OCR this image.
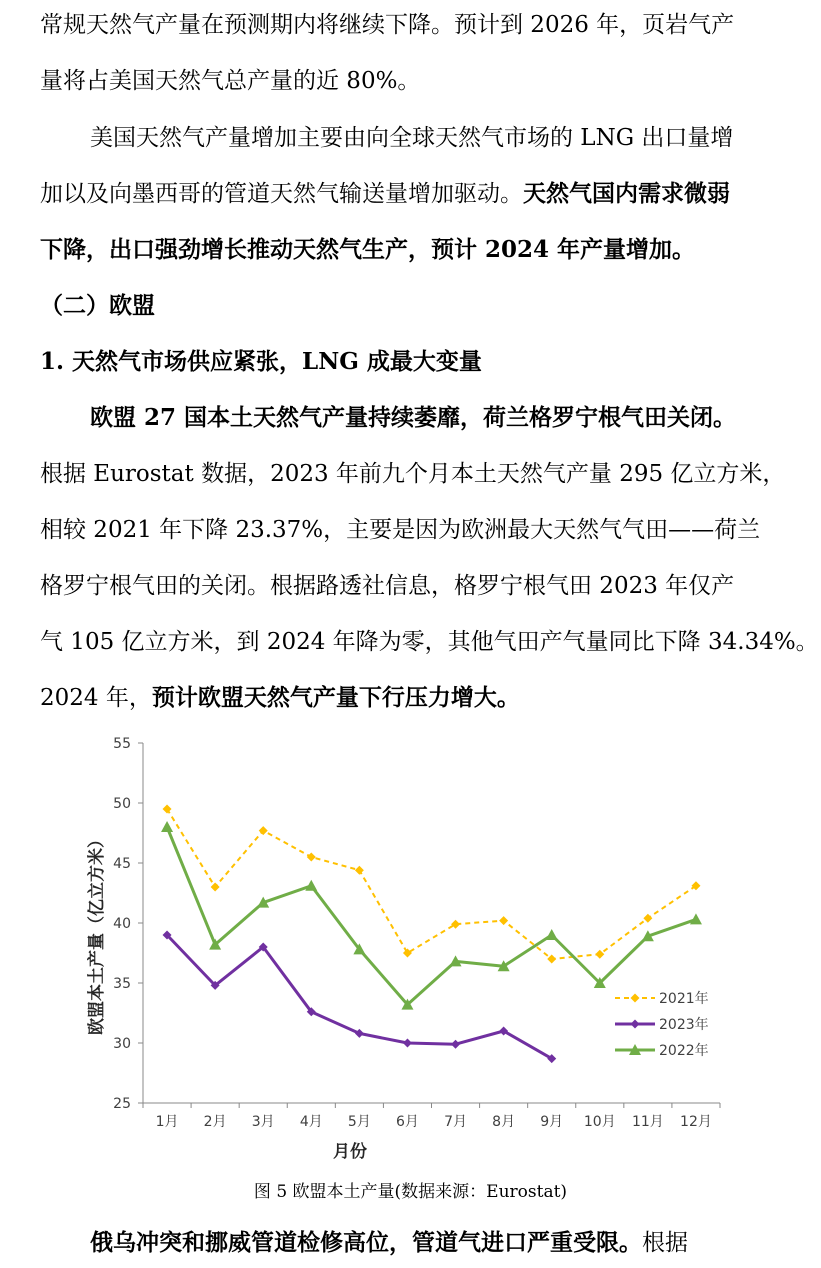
常规天然气产量在预测期内将继续下降。预计到 2026 年，页岩气产
量将占美国天然气总产量的近 80%。
美国天然气产量增加主要由向全球天然气市场的 LNG 出口量增
加以及向墨西哥的管道天然气输送量增加驱动。天然气国内需求微弱
下降，出口强劲增长推动天然气生产，预计 2024 年产量增加。
（二）欧盟
1. 天然气市场供应紧张，LNG 成最大变量
欧盟 27 国本土天然气产量持续萎靡，荷兰格罗宁根气田关闭。
根据 Eurostat 数据，2023 年前九个月本土天然气产量 295 亿立方米，
相较 2021 年下降 23.37%，主要是因为欧洲最大天然气气田——荷兰
格罗宁根气田的关闭。根据路透社信息，格罗宁根气田 2023 年仅产
气 105 亿立方米，到 2024 年降为零，其他气田产气量同比下降 34.34%。
2024 年，预计欧盟天然气产量下行压力增大。
25
30
35
40
45
50
55
1月 2月 3月 4月 5月 6月 7月 8月 9月 10月 11月 12月
月份
欧盟本土产量（亿立方米）	2021年
2023年
2022年
图 5 欧盟本土产量(数据来源：Eurostat)
俄乌冲突和挪威管道检修高位，管道气进口严重受限。根据
